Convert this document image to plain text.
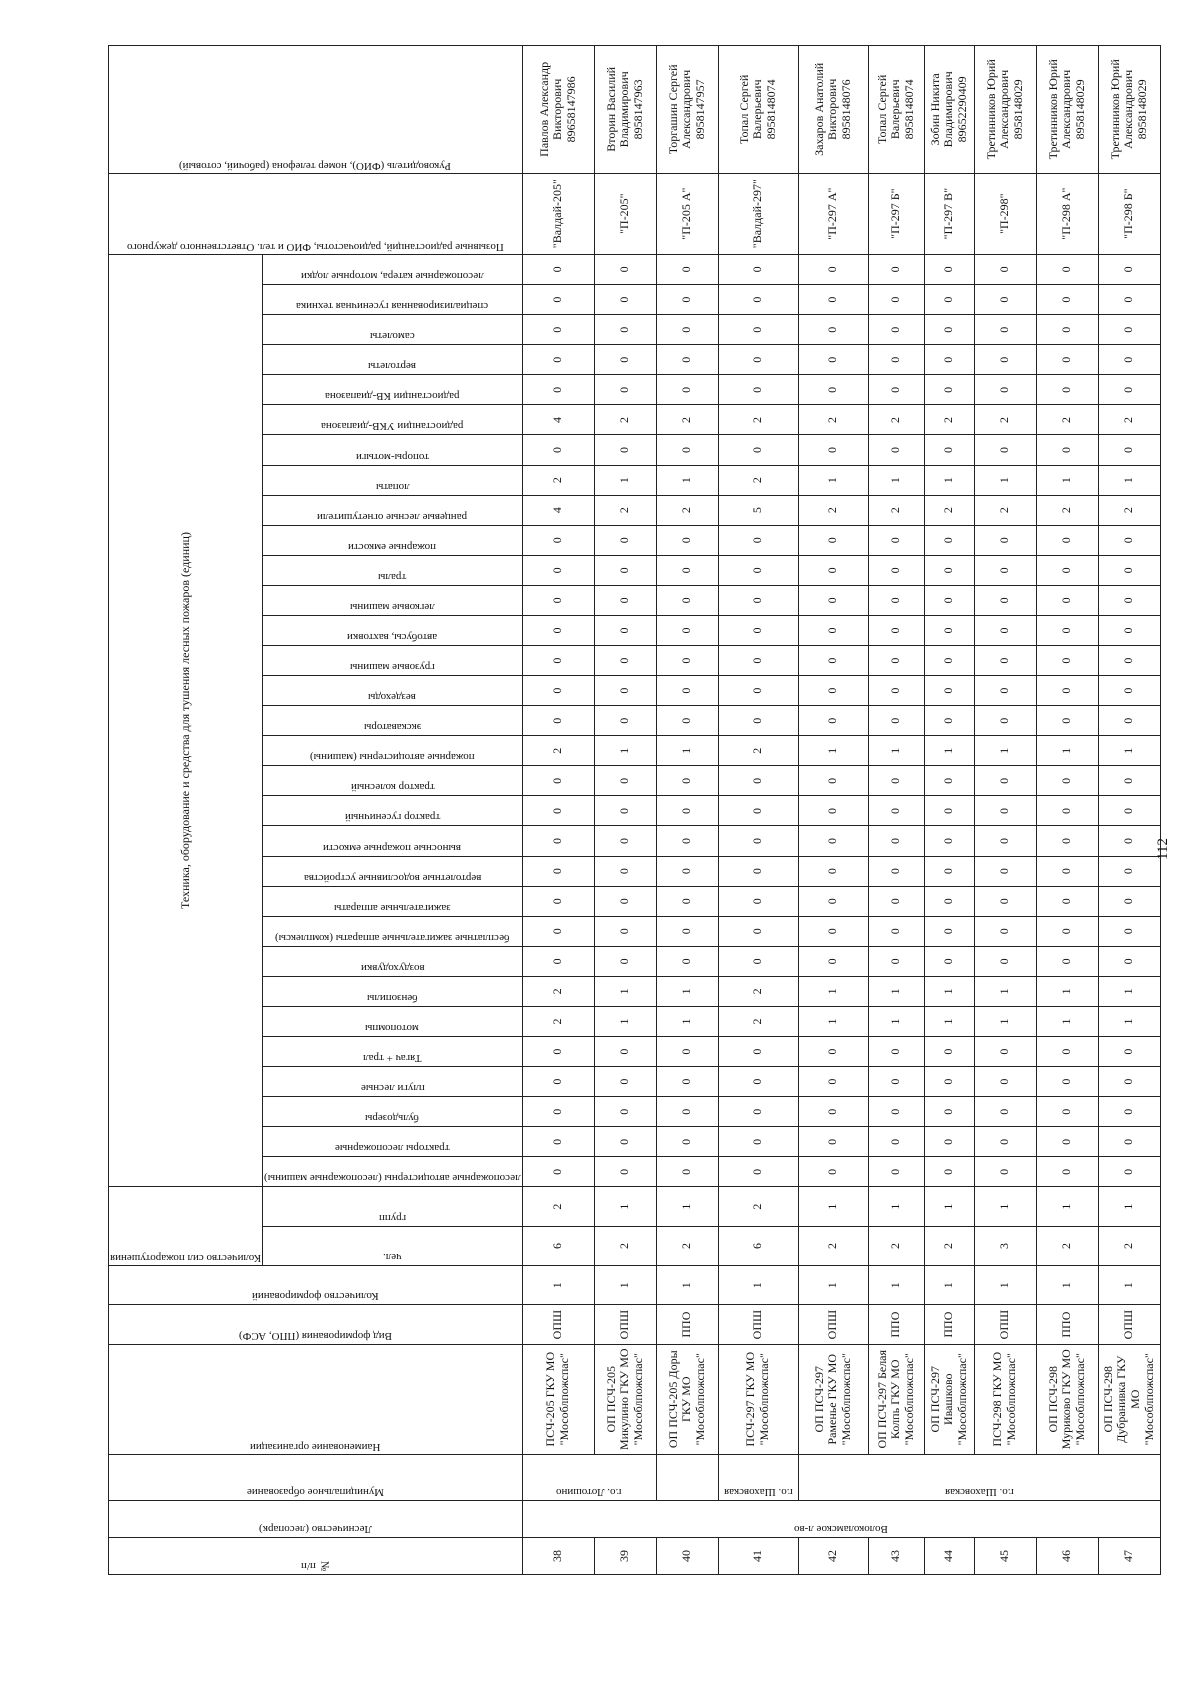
№ п/п	Лесничество (лесопарк)	Муниципальное образование	Наименование организации	Вид формирования (ППО, АСФ)	Количество формирований	Количество сил пожаротушения		Техника, оборудование и средства для тушения лесных пожаров (единиц)																															Позывные радиостанций, радиочастоты, ФИО и тел. Ответственного дежурного	Руководитель (ФИО), номер телефона (рабочий, сотовый)

						чел.	групп	лесопожарные автоцистерны (лесопожарные машины)	тракторы лесопожарные	бульдозеры	плуги лесные	Тягач + трал	мотопомпы	бензопилы	воздуходувки	бесплатные зажигательные аппараты (комплексы)	зажигательные аппараты	вертолетные водосливные устройства	выносные пожарные емкости	трактор гусеничный	трактор колесный	пожарные автоцистерны (машины)	экскаваторы	вездеходы	грузовые машины	автобусы, вахтовки	легковые машины	тралы	пожарные емкости	ранцевые лесные огнетушители	лопаты	топоры-мотыги	радиостанции УКВ-диапазона	радиостанции КВ-диапазона	вертолеты	самолеты	специализированная гусеничная техника	лесопожарные катера, моторные лодки		

38	Волоколамское л-во	г.о. Лотошино	ПСЧ-205 ГКУ МО "Мособлпожспас"	ОПШ	1	6	2	0	0	0	0	0	2	2	0	0	0	0	0	0	0	2	0	0	0	0	0	0	0	4	2	0	4	0	0	0	0	0	"Валдай-205"	Павлов Александр Викторович 89658147986
39			ОП ПСЧ-205 Микулино ГКУ МО "Мособлпожспас"	ОПШ	1	2	1	0	0	0	0	0	1	1	0	0	0	0	0	0	0	1	0	0	0	0	0	0	0	2	1	0	2	0	0	0	0	0	"П-205"	Вторин Василий Владимирович 8958147963
40			ОП ПСЧ-205 Доры ГКУ МО "Мособлпожспас"	ППО	1	2	1	0	0	0	0	0	1	1	0	0	0	0	0	0	0	1	0	0	0	0	0	0	0	2	1	0	2	0	0	0	0	0	"П-205 А"	Торгашин Сергей Александрович 8958147957
41		г.о. Шаховская	ПСЧ-297 ГКУ МО "Мособлпожспас"	ОПШ	1	6	2	0	0	0	0	0	2	2	0	0	0	0	0	0	0	2	0	0	0	0	0	0	0	5	2	0	2	0	0	0	0	0	"Валдай-297"	Топал Сергей Валерьевич 8958148074
42		г.о. Шаховская	ОП ПСЧ-297 Раменье ГКУ МО "Мособлпожспас"	ОПШ	1	2	1	0	0	0	0	0	1	1	0	0	0	0	0	0	0	1	0	0	0	0	0	0	0	2	1	0	2	0	0	0	0	0	"П-297 А"	Захаров Анатолий Викторович 8958148076
43			ОП ПСЧ-297 Белая Колпь ГКУ МО "Мособлпожспас"	ППО	1	2	1	0	0	0	0	0	1	1	0	0	0	0	0	0	0	1	0	0	0	0	0	0	0	2	1	0	2	0	0	0	0	0	"П-297 Б"	Топал Сергей Валерьевич 8958148074
44			ОП ПСЧ-297 Ивашково "Мособлпожспас"	ППО	1	2	1	0	0	0	0	0	1	1	0	0	0	0	0	0	0	1	0	0	0	0	0	0	0	2	1	0	2	0	0	0	0	0	"П-297 В"	Зобин Никита Владимирович 89652290409
45			ПСЧ-298 ГКУ МО "Мособлпожспас"	ОПШ	1	3	1	0	0	0	0	0	1	1	0	0	0	0	0	0	0	1	0	0	0	0	0	0	0	2	1	0	2	0	0	0	0	0	"П-298"	Третинников Юрий Александрович 8958148029
46			ОП ПСЧ-298 Муриково ГКУ МО "Мособлпожспас"	ППО	1	2	1	0	0	0	0	0	1	1	0	0	0	0	0	0	0	1	0	0	0	0	0	0	0	2	1	0	2	0	0	0	0	0	"П-298 А"	Третинников Юрий Александрович 8958148029
47			ОП ПСЧ-298 Дубранивка ГКУ МО "Мособлпожспас"	ОПШ	1	2	1	0	0	0	0	0	1	1	0	0	0	0	0	0	0	1	0	0	0	0	0	0	0	2	1	0	2	0	0	0	0	0	"П-298 Б"	Третинников Юрий Александрович 8958148029
112
